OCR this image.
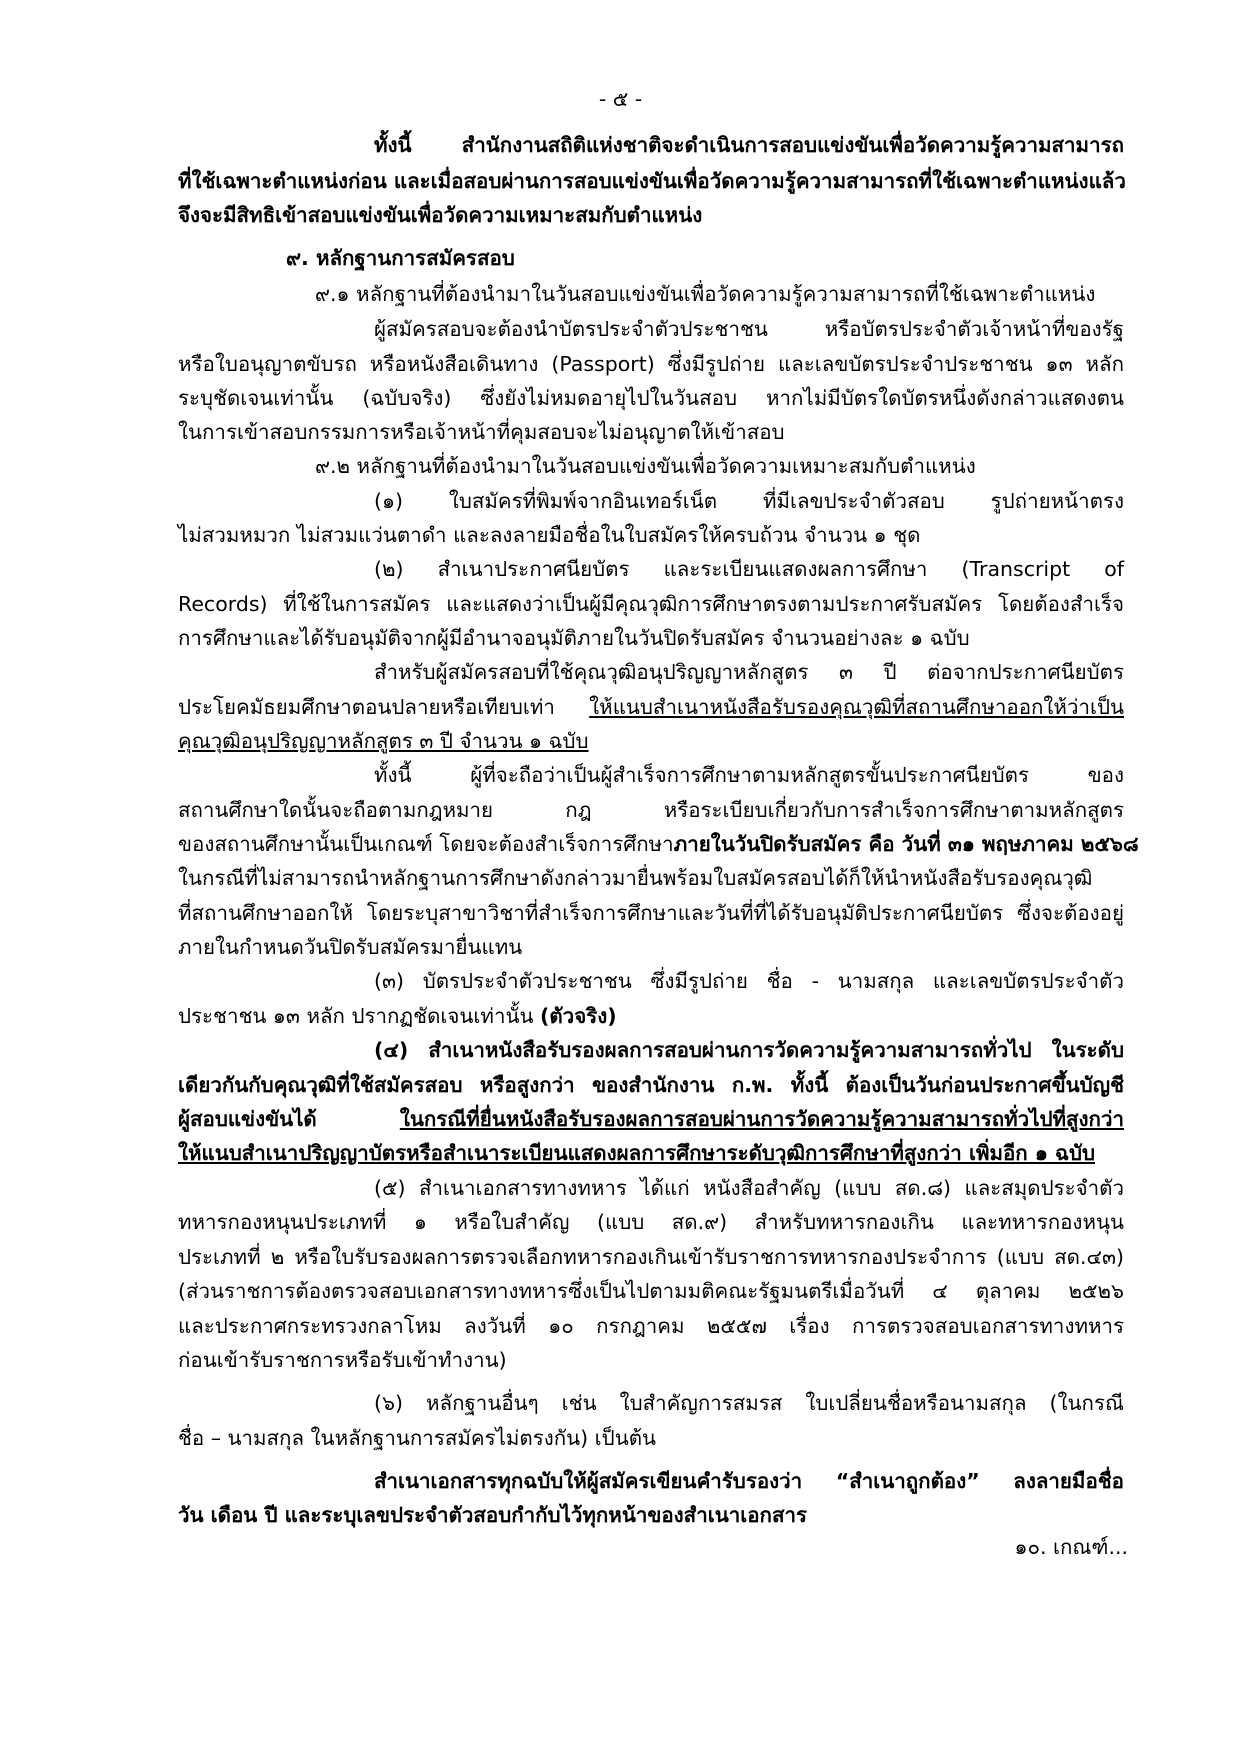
- ๕ -
ทั้งนี้ สำนักงานสถิติแห่งชาติจะดำเนินการสอบแข่งขันเพื่อวัดความรู้ความสามารถ
ที่ใช้เฉพาะตำแหน่งก่อน และเมื่อสอบผ่านการสอบแข่งขันเพื่อวัดความรู้ความสามารถที่ใช้เฉพาะตำแหน่งแล้ว
จึงจะมีสิทธิเข้าสอบแข่งขันเพื่อวัดความเหมาะสมกับตำแหน่ง
๙. หลักฐานการสมัครสอบ
๙.๑ หลักฐานที่ต้องนำมาในวันสอบแข่งขันเพื่อวัดความรู้ความสามารถที่ใช้เฉพาะตำแหน่ง
ผู้สมัครสอบจะต้องนำบัตรประจำตัวประชาชน หรือบัตรประจำตัวเจ้าหน้าที่ของรัฐ
หรือใบอนุญาตขับรถ หรือหนังสือเดินทาง (Passport) ซึ่งมีรูปถ่าย และเลขบัตรประจำประชาชน ๑๓ หลัก
ระบุชัดเจนเท่านั้น (ฉบับจริง) ซึ่งยังไม่หมดอายุไปในวันสอบ หากไม่มีบัตรใดบัตรหนึ่งดังกล่าวแสดงตน
ในการเข้าสอบกรรมการหรือเจ้าหน้าที่คุมสอบจะไม่อนุญาตให้เข้าสอบ
๙.๒ หลักฐานที่ต้องนำมาในวันสอบแข่งขันเพื่อวัดความเหมาะสมกับตำแหน่ง
(๑) ใบสมัครที่พิมพ์จากอินเทอร์เน็ต ที่มีเลขประจำตัวสอบ รูปถ่ายหน้าตรง
ไม่สวมหมวก ไม่สวมแว่นตาดำ และลงลายมือชื่อในใบสมัครให้ครบถ้วน จำนวน ๑ ชุด
(๒) สำเนาประกาศนียบัตร และระเบียนแสดงผลการศึกษา (Transcript of
Records) ที่ใช้ในการสมัคร และแสดงว่าเป็นผู้มีคุณวุฒิการศึกษาตรงตามประกาศรับสมัคร โดยต้องสำเร็จ
การศึกษาและได้รับอนุมัติจากผู้มีอำนาจอนุมัติภายในวันปิดรับสมัคร จำนวนอย่างละ ๑ ฉบับ
สำหรับผู้สมัครสอบที่ใช้คุณวุฒิอนุปริญญาหลักสูตร ๓ ปี ต่อจากประกาศนียบัตร
ประโยคมัธยมศึกษาตอนปลายหรือเทียบเท่า ให้แนบสำเนาหนังสือรับรองคุณวุฒิที่สถานศึกษาออกให้ว่าเป็น
คุณวุฒิอนุปริญญาหลักสูตร ๓ ปี จำนวน ๑ ฉบับ
ทั้งนี้ ผู้ที่จะถือว่าเป็นผู้สำเร็จการศึกษาตามหลักสูตรขั้นประกาศนียบัตร ของ
สถานศึกษาใดนั้นจะถือตามกฎหมาย กฎ หรือระเบียบเกี่ยวกับการสำเร็จการศึกษาตามหลักสูตร
ของสถานศึกษานั้นเป็นเกณฑ์ โดยจะต้องสำเร็จการศึกษาภายในวันปิดรับสมัคร คือ วันที่ ๓๑ พฤษภาคม ๒๕๖๘
ในกรณีที่ไม่สามารถนำหลักฐานการศึกษาดังกล่าวมายื่นพร้อมใบสมัครสอบได้ก็ให้นำหนังสือรับรองคุณวุฒิ
ที่สถานศึกษาออกให้ โดยระบุสาขาวิชาที่สำเร็จการศึกษาและวันที่ที่ได้รับอนุมัติประกาศนียบัตร ซึ่งจะต้องอยู่
ภายในกำหนดวันปิดรับสมัครมายื่นแทน
(๓) บัตรประจำตัวประชาชน ซึ่งมีรูปถ่าย ชื่อ - นามสกุล และเลขบัตรประจำตัว
ประชาชน ๑๓ หลัก ปรากฏชัดเจนเท่านั้น (ตัวจริง)
(๔) สำเนาหนังสือรับรองผลการสอบผ่านการวัดความรู้ความสามารถทั่วไป ในระดับ
เดียวกันกับคุณวุฒิที่ใช้สมัครสอบ หรือสูงกว่า ของสำนักงาน ก.พ. ทั้งนี้ ต้องเป็นวันก่อนประกาศขึ้นบัญชี
ผู้สอบแข่งขันได้ ในกรณีที่ยื่นหนังสือรับรองผลการสอบผ่านการวัดความรู้ความสามารถทั่วไปที่สูงกว่า
ให้แนบสำเนาปริญญาบัตรหรือสำเนาระเบียนแสดงผลการศึกษาระดับวุฒิการศึกษาที่สูงกว่า เพิ่มอีก ๑ ฉบับ
(๕) สำเนาเอกสารทางทหาร ได้แก่ หนังสือสำคัญ (แบบ สด.๘) และสมุดประจำตัว
ทหารกองหนุนประเภทที่ ๑ หรือใบสำคัญ (แบบ สด.๙) สำหรับทหารกองเกิน และทหารกองหนุน
ประเภทที่ ๒ หรือใบรับรองผลการตรวจเลือกทหารกองเกินเข้ารับราชการทหารกองประจำการ (แบบ สด.๔๓)
(ส่วนราชการต้องตรวจสอบเอกสารทางทหารซึ่งเป็นไปตามมติคณะรัฐมนตรีเมื่อวันที่ ๔ ตุลาคม ๒๕๒๖
และประกาศกระทรวงกลาโหม ลงวันที่ ๑๐ กรกฎาคม ๒๕๕๗ เรื่อง การตรวจสอบเอกสารทางทหาร
ก่อนเข้ารับราชการหรือรับเข้าทำงาน)
(๖) หลักฐานอื่นๆ เช่น ใบสำคัญการสมรส ใบเปลี่ยนชื่อหรือนามสกุล (ในกรณี
ชื่อ – นามสกุล ในหลักฐานการสมัครไม่ตรงกัน) เป็นต้น
สำเนาเอกสารทุกฉบับให้ผู้สมัครเขียนคำรับรองว่า “สำเนาถูกต้อง” ลงลายมือชื่อ
วัน เดือน ปี และระบุเลขประจำตัวสอบกำกับไว้ทุกหน้าของสำเนาเอกสาร
๑๐. เกณฑ์...
